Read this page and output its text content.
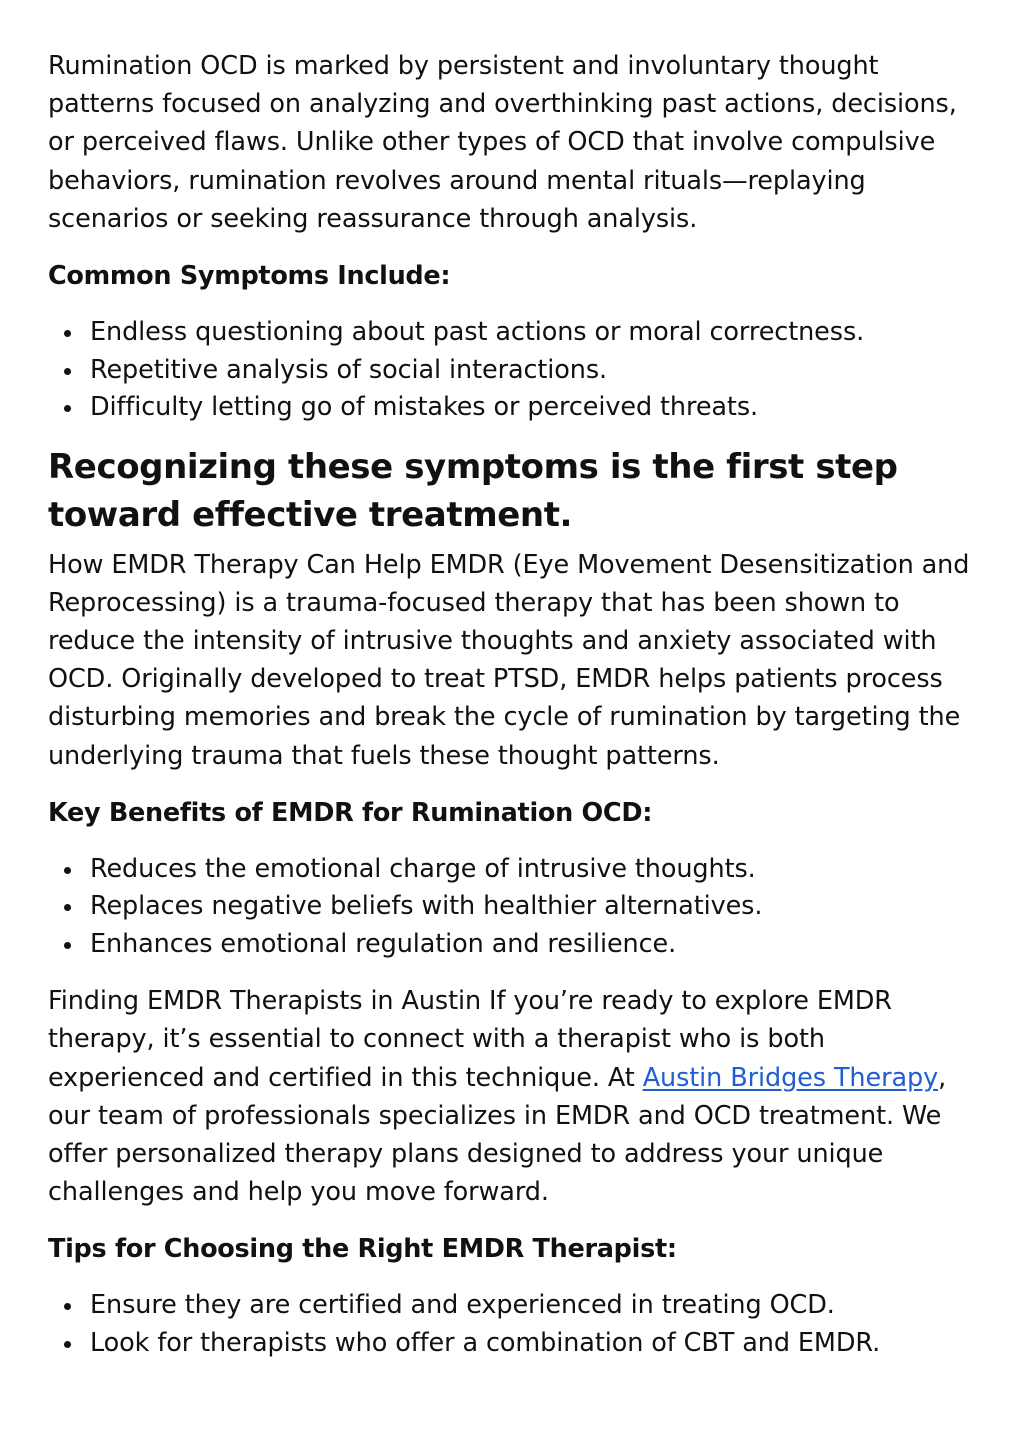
Rumination OCD is marked by persistent and involuntary thought patterns focused on analyzing and overthinking past actions, decisions, or perceived flaws. Unlike other types of OCD that involve compulsive behaviors, rumination revolves around mental rituals—replaying scenarios or seeking reassurance through analysis.

Common Symptoms Include:
Endless questioning about past actions or moral correctness.
Repetitive analysis of social interactions.
Difficulty letting go of mistakes or perceived threats.
Recognizing these symptoms is the first step toward effective treatment.

How EMDR Therapy Can Help EMDR (Eye Movement Desensitization and Reprocessing) is a trauma-focused therapy that has been shown to reduce the intensity of intrusive thoughts and anxiety associated with OCD. Originally developed to treat PTSD, EMDR helps patients process disturbing memories and break the cycle of rumination by targeting the underlying trauma that fuels these thought patterns.

Key Benefits of EMDR for Rumination OCD:
Reduces the emotional charge of intrusive thoughts.
Replaces negative beliefs with healthier alternatives.
Enhances emotional regulation and resilience.

Finding EMDR Therapists in Austin If you’re ready to explore EMDR therapy, it’s essential to connect with a therapist who is both experienced and certified in this technique. At Austin Bridges Therapy, our team of professionals specializes in EMDR and OCD treatment. We offer personalized therapy plans designed to address your unique challenges and help you move forward.

Tips for Choosing the Right EMDR Therapist:
Ensure they are certified and experienced in treating OCD.
Look for therapists who offer a combination of CBT and EMDR.
